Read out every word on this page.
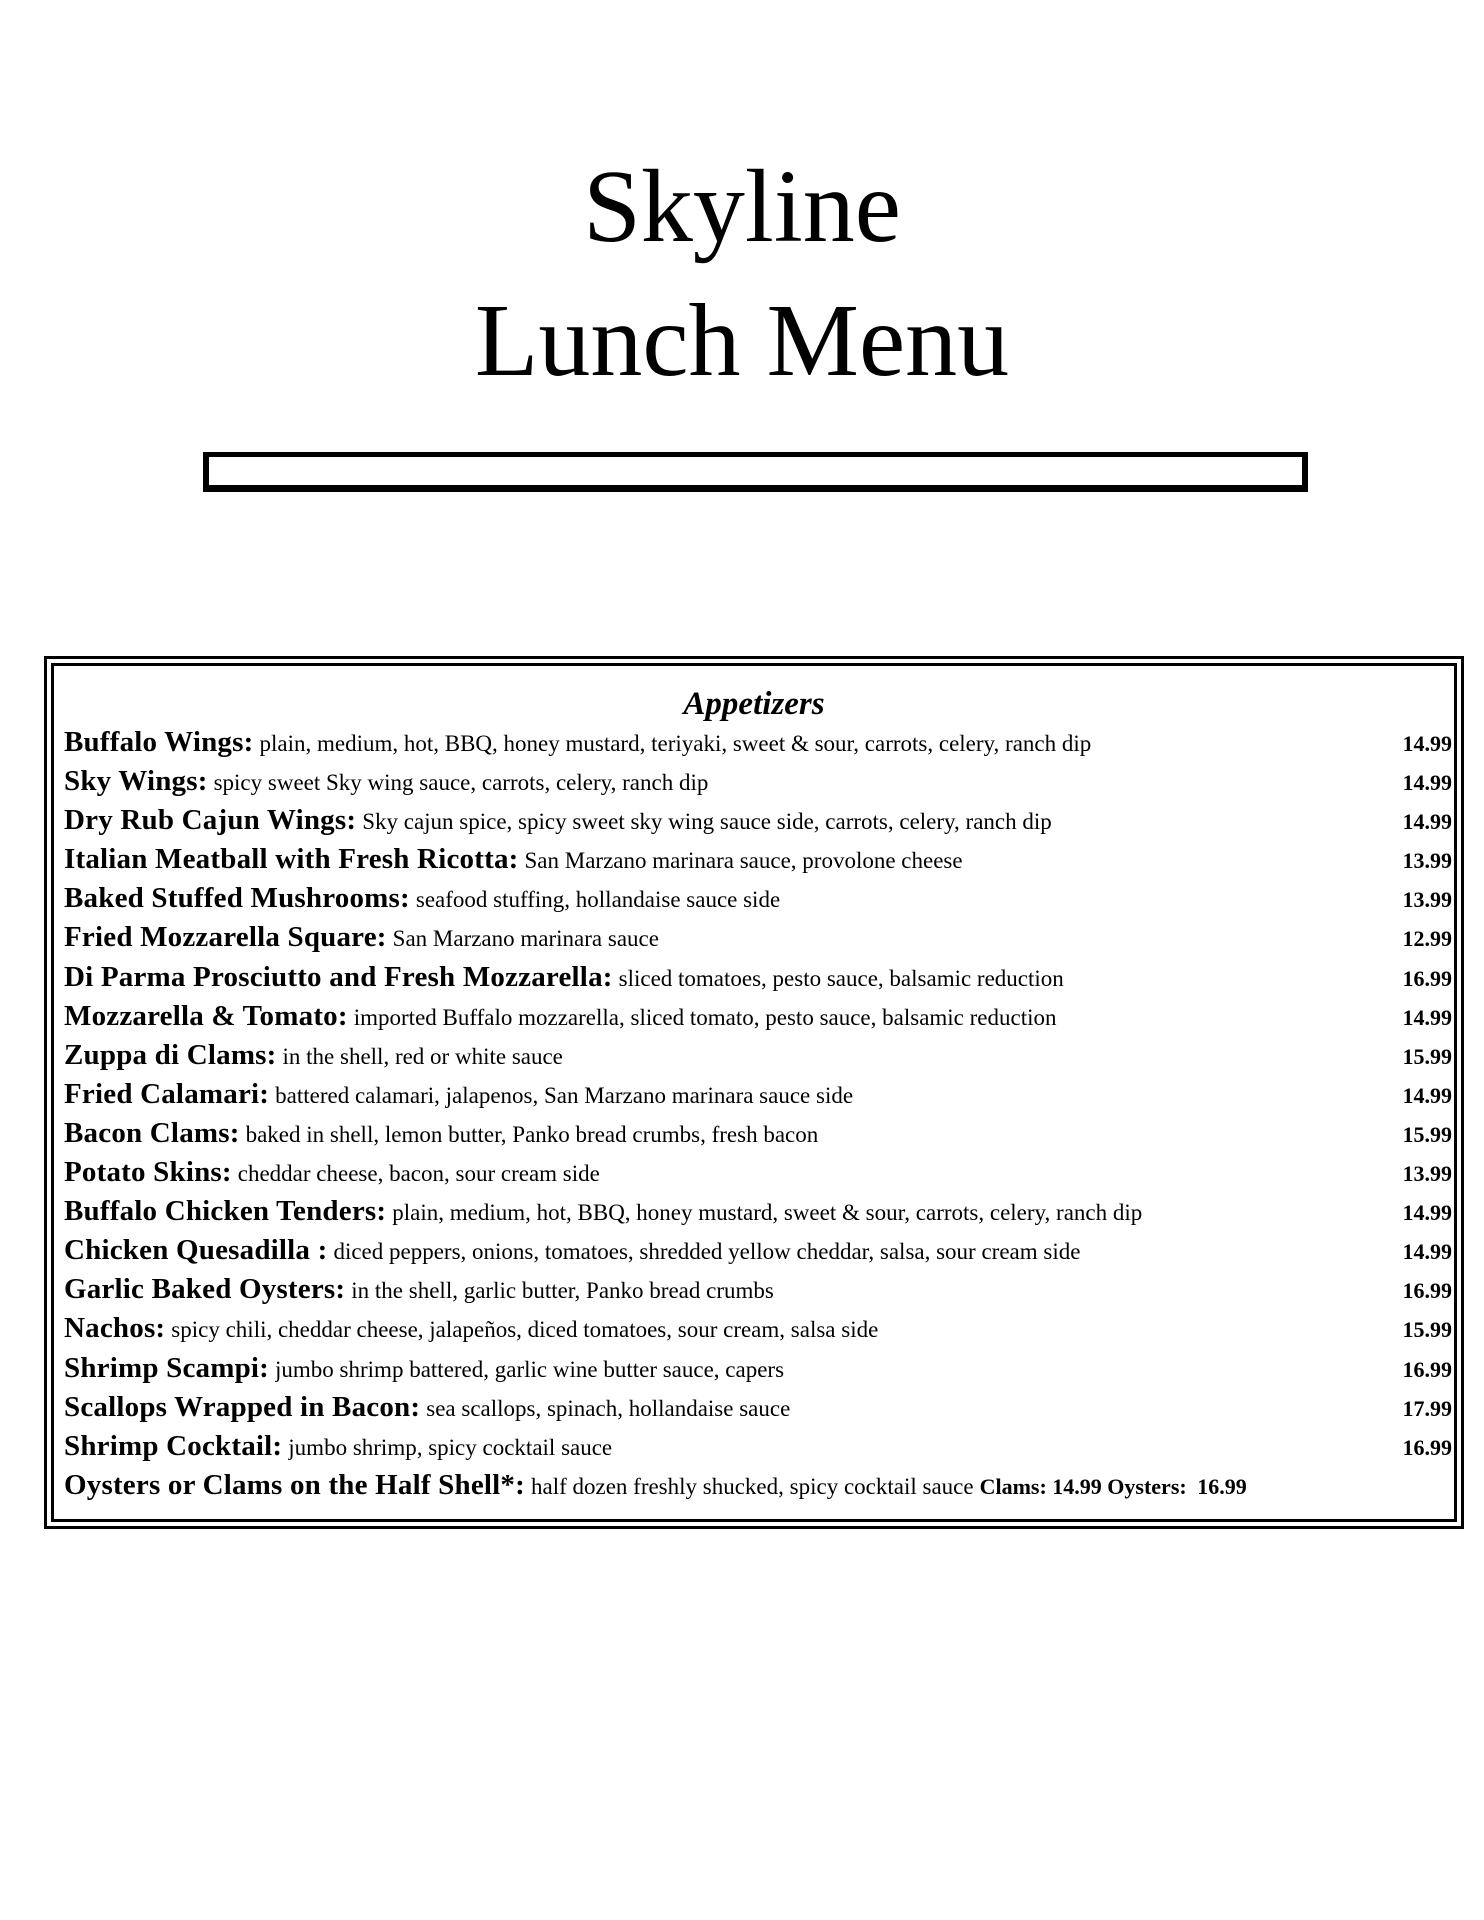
Skyline
Lunch Menu
Appetizers
Buffalo Wings: plain, medium, hot, BBQ, honey mustard, teriyaki, sweet & sour, carrots, celery, ranch dip	14.99
Sky Wings: spicy sweet Sky wing sauce, carrots, celery, ranch dip	14.99
Dry Rub Cajun Wings: Sky cajun spice, spicy sweet sky wing sauce side, carrots, celery, ranch dip	14.99
Italian Meatball with Fresh Ricotta: San Marzano marinara sauce, provolone cheese	13.99
Baked Stuffed Mushrooms: seafood stuffing, hollandaise sauce side	13.99
Fried Mozzarella Square: San Marzano marinara sauce	12.99
Di Parma Prosciutto and Fresh Mozzarella: sliced tomatoes, pesto sauce, balsamic reduction	16.99
Mozzarella & Tomato: imported Buffalo mozzarella, sliced tomato, pesto sauce, balsamic reduction	14.99
Zuppa di Clams: in the shell, red or white sauce	15.99
Fried Calamari: battered calamari, jalapenos, San Marzano marinara sauce side	14.99
Bacon Clams: baked in shell, lemon butter, Panko bread crumbs, fresh bacon	15.99
Potato Skins: cheddar cheese, bacon, sour cream side	13.99
Buffalo Chicken Tenders: plain, medium, hot, BBQ, honey mustard, sweet & sour, carrots, celery, ranch dip	14.99
Chicken Quesadilla : diced peppers, onions, tomatoes, shredded yellow cheddar, salsa, sour cream side	14.99
Garlic Baked Oysters: in the shell, garlic butter, Panko bread crumbs	16.99
Nachos: spicy chili, cheddar cheese, jalapeños, diced tomatoes, sour cream, salsa side	15.99
Shrimp Scampi: jumbo shrimp battered, garlic wine butter sauce, capers	16.99
Scallops Wrapped in Bacon: sea scallops, spinach, hollandaise sauce	17.99
Shrimp Cocktail: jumbo shrimp, spicy cocktail sauce	16.99
Oysters or Clams on the Half Shell*: half dozen freshly shucked, spicy cocktail sauce Clams: 14.99 Oysters: 16.99
